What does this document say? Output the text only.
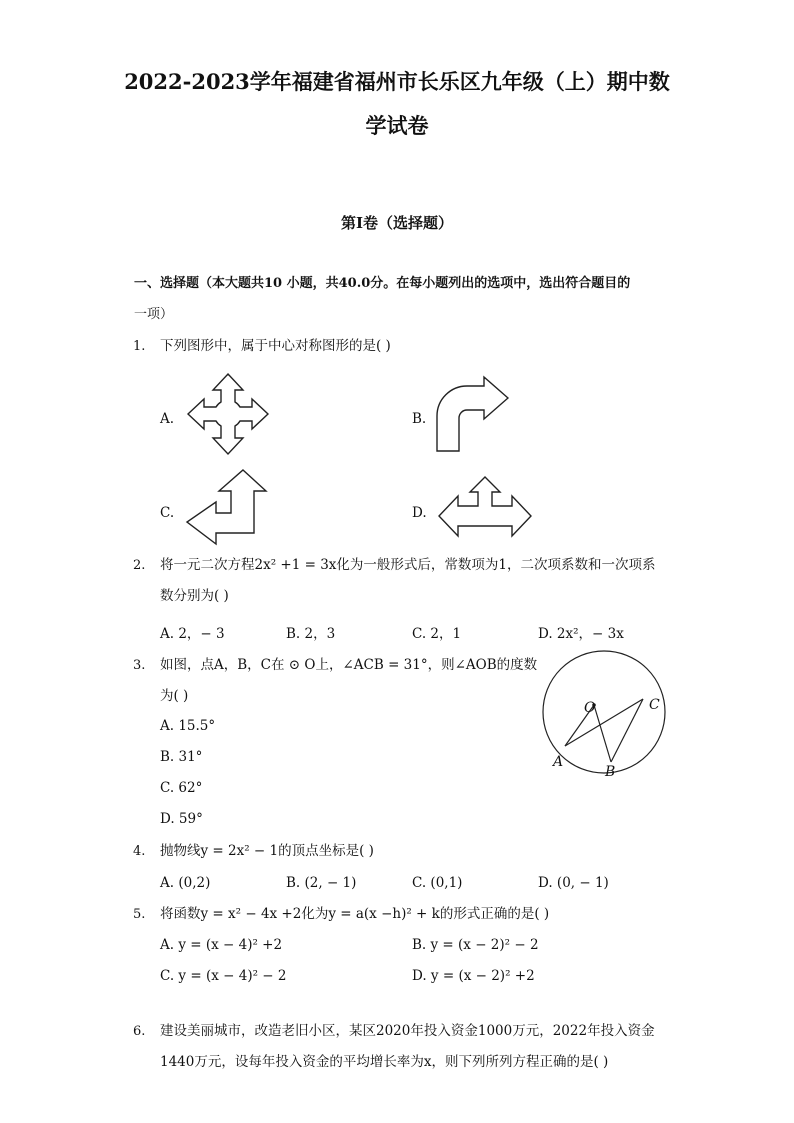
2022-2023学年福建省福州市长乐区九年级（上）期中数
学试卷
第I卷（选择题）
一、选择题（本大题共10 小题，共40.0分。在每小题列出的选项中，选出符合题目的
一项）
1. 下列图形中，属于中心对称图形的是( )
A.	B.
C.	D.
2. 将一元二次方程2x² +1 = 3x化为一般形式后，常数项为1，二次项系数和一次项系
数分别为( )
A. 2，− 3	B. 2，3	C. 2，1	D. 2x²，− 3x
3. 如图，点A，B，C在 ⊙ O上，∠ACB = 31°，则∠AOB的度数
为( )
A. 15.5°
B. 31°
C. 62°
D. 59°
O	C
A
B
4. 抛物线y = 2x² − 1的顶点坐标是( )
A. (0,2)	B. (2, − 1)	C. (0,1)	D. (0, − 1)
5. 将函数y = x² − 4x +2化为y = a(x −h)² + k的形式正确的是( )
A. y = (x − 4)² +2	B. y = (x − 2)² − 2
C. y = (x − 4)² − 2	D. y = (x − 2)² +2
6. 建设美丽城市，改造老旧小区，某区2020年投入资金1000万元，2022年投入资金
1440万元，设每年投入资金的平均增长率为x，则下列所列方程正确的是( )
